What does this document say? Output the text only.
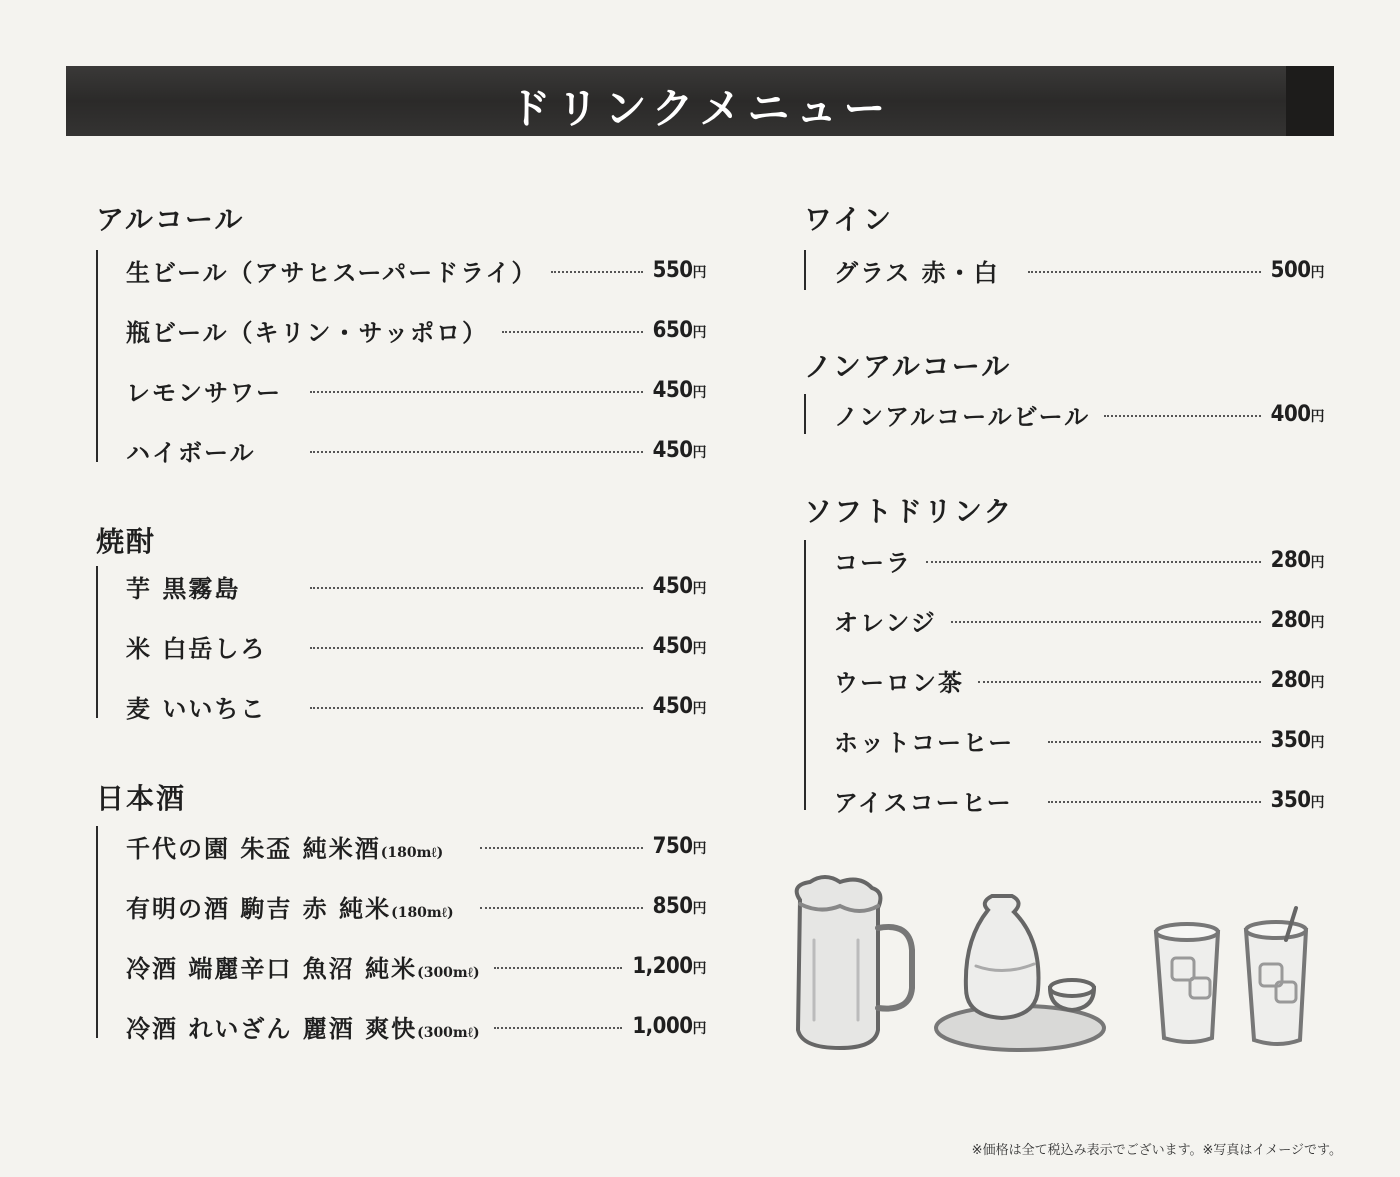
ドリンクメニュー
アルコール
生ビール（アサヒスーパードライ）	550円
瓶ビール（キリン・サッポロ）	650円
レモンサワー	450円
ハイボール	450円
焼酎
芋 黒霧島	450円
米 白岳しろ	450円
麦 いいちこ	450円
日本酒
千代の園 朱盃 純米酒(180mℓ)	750円
有明の酒 駒吉 赤 純米(180mℓ)	850円
冷酒 端麗辛口 魚沼 純米(300mℓ)	1,200円
冷酒 れいざん 麗酒 爽快(300mℓ)	1,000円
ワイン
グラス 赤・白	500円
ノンアルコール
ノンアルコールビール	400円
ソフトドリンク
コーラ	280円
オレンジ	280円
ウーロン茶	280円
ホットコーヒー	350円
アイスコーヒー	350円
※価格は全て税込み表示でございます。※写真はイメージです。
